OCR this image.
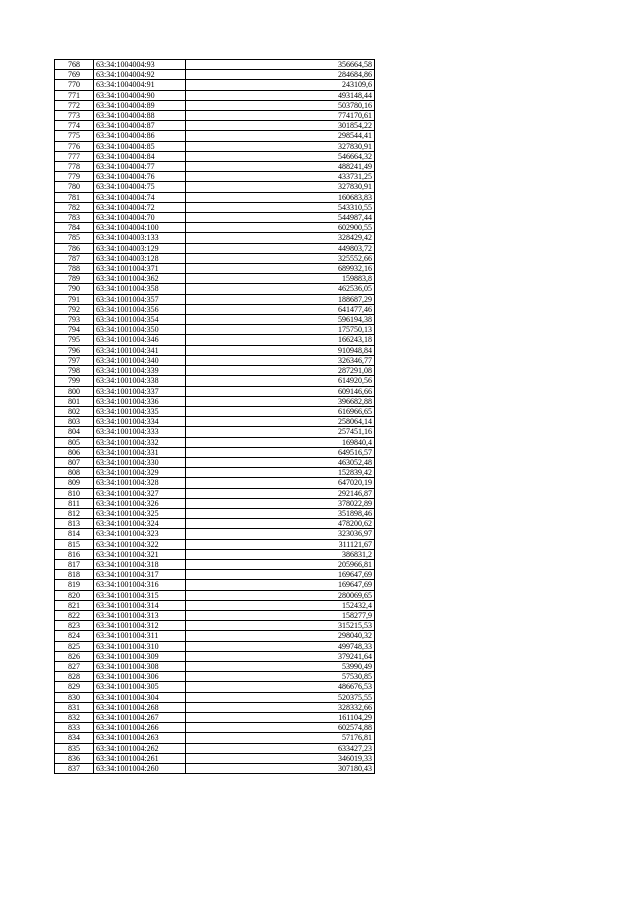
768	63:34:1004004:93	356664,58
769	63:34:1004004:92	284684,86
770	63:34:1004004:91	243109,6
771	63:34:1004004:90	493148,44
772	63:34:1004004:89	503780,16
773	63:34:1004004:88	774170,61
774	63:34:1004004:87	301854,22
775	63:34:1004004:86	298544,41
776	63:34:1004004:85	327830,91
777	63:34:1004004:84	546664,32
778	63:34:1004004:77	488241,49
779	63:34:1004004:76	433731,25
780	63:34:1004004:75	327830,91
781	63:34:1004004:74	160683,83
782	63:34:1004004:72	543310,55
783	63:34:1004004:70	544987,44
784	63:34:1004004:100	602900,55
785	63:34:1004003:133	328429,42
786	63:34:1004003:129	449803,72
787	63:34:1004003:128	325552,66
788	63:34:1001004:371	689932,16
789	63:34:1001004:362	159883,8
790	63:34:1001004:358	462536,05
791	63:34:1001004:357	188687,29
792	63:34:1001004:356	641477,46
793	63:34:1001004:354	596194,38
794	63:34:1001004:350	175750,13
795	63:34:1001004:346	166243,18
796	63:34:1001004:341	910948,84
797	63:34:1001004:340	326346,77
798	63:34:1001004:339	287291,08
799	63:34:1001004:338	614920,56
800	63:34:1001004:337	609146,66
801	63:34:1001004:336	396682,88
802	63:34:1001004:335	616966,65
803	63:34:1001004:334	258064,14
804	63:34:1001004:333	257451,16
805	63:34:1001004:332	169840,4
806	63:34:1001004:331	649516,57
807	63:34:1001004:330	463052,48
808	63:34:1001004:329	152839,42
809	63:34:1001004:328	647020,19
810	63:34:1001004:327	292146,87
811	63:34:1001004:326	378022,89
812	63:34:1001004:325	351898,46
813	63:34:1001004:324	478200,62
814	63:34:1001004:323	323036,97
815	63:34:1001004:322	311121,67
816	63:34:1001004:321	386831,2
817	63:34:1001004:318	205966,81
818	63:34:1001004:317	169647,69
819	63:34:1001004:316	169647,69
820	63:34:1001004:315	280069,65
821	63:34:1001004:314	152432,4
822	63:34:1001004:313	158277,9
823	63:34:1001004:312	315215,53
824	63:34:1001004:311	298040,32
825	63:34:1001004:310	499748,33
826	63:34:1001004:309	379241,64
827	63:34:1001004:308	53990,49
828	63:34:1001004:306	57530,85
829	63:34:1001004:305	486676,53
830	63:34:1001004:304	520375,55
831	63:34:1001004:268	328332,66
832	63:34:1001004:267	161104,29
833	63:34:1001004:266	602574,88
834	63:34:1001004:263	57176,81
835	63:34:1001004:262	633427,23
836	63:34:1001004:261	346019,33
837	63:34:1001004:260	307180,43
